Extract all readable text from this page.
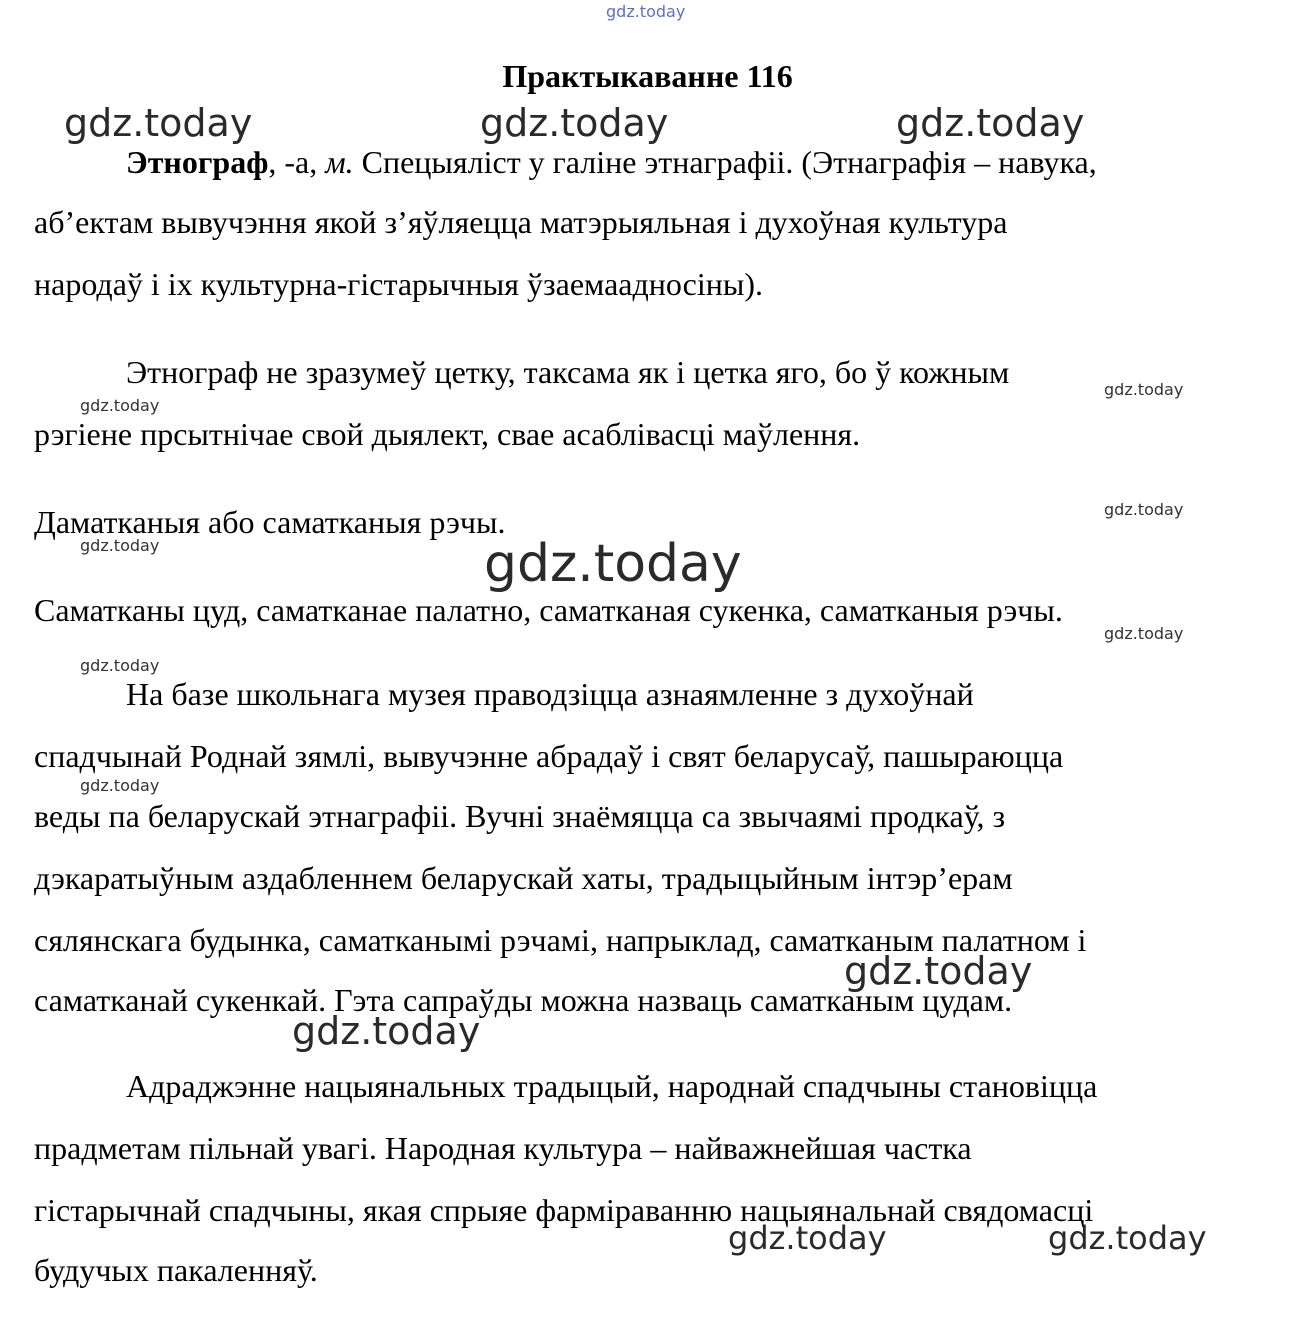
gdz.today
gdz.today	gdz.today	gdz.today
gdz.today
gdz.today
gdz.today
gdz.today	gdz.today
gdz.today
gdz.today
gdz.today
gdz.today
gdz.today
gdz.today	gdz.today
Практыкаванне 116

Этнограф, -а, м. Спецыяліст у галіне этнаграфіі. (Этнаграфія – навука,

аб’ектам вывучэння якой з’яўляецца матэрыяльная і духоўная культура

народаў і іх культурна-гістарычныя ўзаемаадносіны).

Этнограф не зразумеў цетку, таксама як і цетка яго, бо ў кожным

рэгіене прсытнічае свой дыялект, свае асаблівасці маўлення.

Даматканыя або саматканыя рэчы.

Саматканы цуд, саматканае палатно, саматканая сукенка, саматканыя рэчы.

На базе школьнага музея праводзіцца азнаямленне з духоўнай

спадчынай Роднай зямлі, вывучэнне абрадаў і свят беларусаў, пашыраюцца

веды па беларускай этнаграфіі. Вучні знаёмяцца са звычаямі продкаў, з

дэкаратыўным аздабленнем беларускай хаты, традыцыйным інтэр’ерам

сялянскага будынка, саматканымі рэчамі, напрыклад, саматканым палатном і

саматканай сукенкай. Гэта сапраўды можна назваць саматканым цудам.

Адраджэнне нацыянальных традыцый, народнай спадчыны становіцца

прадметам пільнай увагі. Народная культура – найважнейшая частка

гістарычнай спадчыны, якая спрыяе фарміраванню нацыянальнай свядомасці

будучых пакаленняў.
